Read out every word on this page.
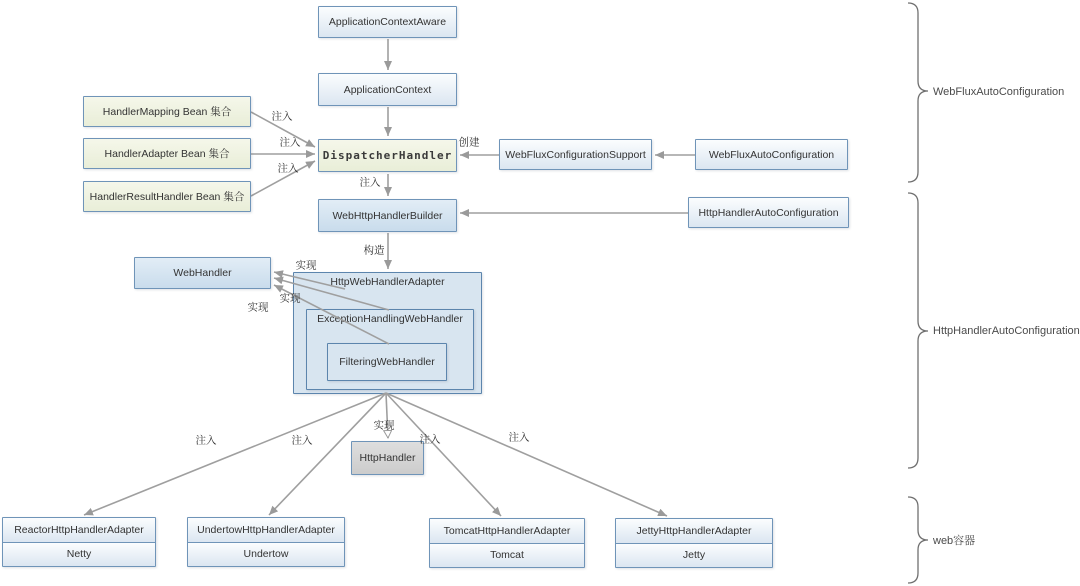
HttpWebHandlerAdapter
ExceptionHandlingWebHandler
FilteringWebHandler
ApplicationContextAware
ApplicationContext
HandlerMapping Bean 集合
HandlerAdapter Bean 集合
HandlerResultHandler Bean 集合
DispatcherHandler	WebFluxConfigurationSupport	WebFluxAutoConfiguration
WebHttpHandlerBuilder	HttpHandlerAutoConfiguration
WebHandler
HttpHandler
ReactorHttpHandlerAdapter
Netty
UndertowHttpHandlerAdapter
Undertow
TomcatHttpHandlerAdapter
Tomcat
JettyHttpHandlerAdapter
Jetty
注入
注入
注入
创建
注入
构造
实现
实现
实现
实现
注入	注入	注入	注入
WebFluxAutoConfiguration
HttpHandlerAutoConfiguration
web容器
